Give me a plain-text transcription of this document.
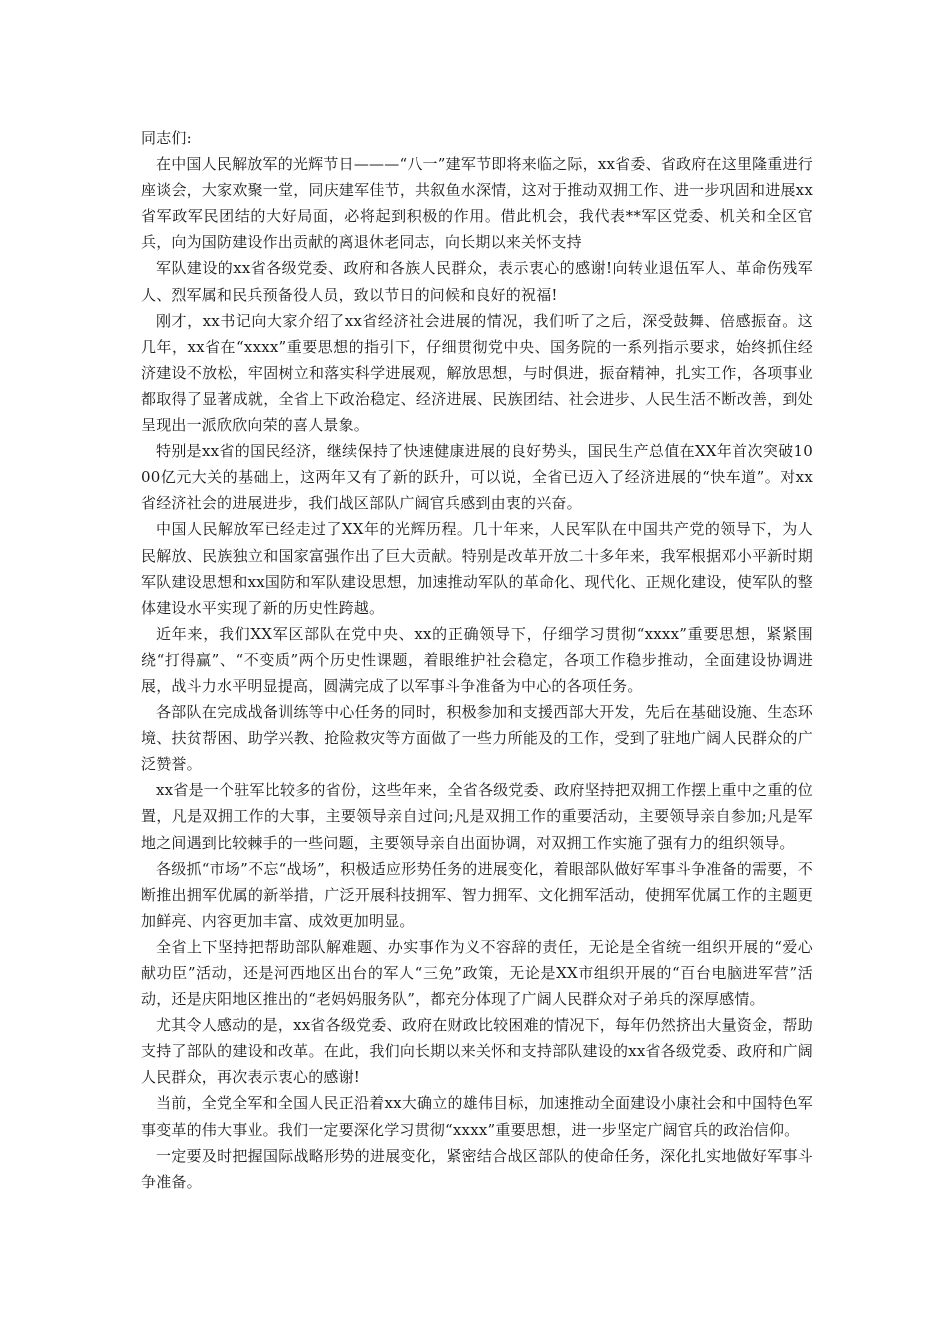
同志们:

在中国人民解放军的光辉节日———“八一”建军节即将来临之际，xx省委、省政府在这里隆重进行座谈会，大家欢聚一堂，同庆建军佳节，共叙鱼水深情，这对于推动双拥工作、进一步巩固和进展xx省军政军民团结的大好局面，必将起到积极的作用。借此机会，我代表**军区党委、机关和全区官兵，向为国防建设作出贡献的离退休老同志，向长期以来关怀支持

军队建设的xx省各级党委、政府和各族人民群众，表示衷心的感谢!向转业退伍军人、革命伤残军人、烈军属和民兵预备役人员，致以节日的问候和良好的祝福!

刚才，xx书记向大家介绍了xx省经济社会进展的情况，我们听了之后，深受鼓舞、倍感振奋。这几年，xx省在“xxxx”重要思想的指引下，仔细贯彻党中央、国务院的一系列指示要求，始终抓住经济建设不放松，牢固树立和落实科学进展观，解放思想，与时俱进，振奋精神，扎实工作，各项事业都取得了显著成就，全省上下政治稳定、经济进展、民族团结、社会进步、人民生活不断改善，到处呈现出一派欣欣向荣的喜人景象。

特别是xx省的国民经济，继续保持了快速健康进展的良好势头，国民生产总值在XX年首次突破1000亿元大关的基础上，这两年又有了新的跃升，可以说，全省已迈入了经济进展的“快车道”。对xx省经济社会的进展进步，我们战区部队广阔官兵感到由衷的兴奋。

中国人民解放军已经走过了XX年的光辉历程。几十年来，人民军队在中国共产党的领导下，为人民解放、民族独立和国家富强作出了巨大贡献。特别是改革开放二十多年来，我军根据邓小平新时期军队建设思想和xx国防和军队建设思想，加速推动军队的革命化、现代化、正规化建设，使军队的整体建设水平实现了新的历史性跨越。

近年来，我们XX军区部队在党中央、xx的正确领导下，仔细学习贯彻“xxxx”重要思想，紧紧围绕“打得赢”、“不变质”两个历史性课题，着眼维护社会稳定，各项工作稳步推动，全面建设协调进展，战斗力水平明显提高，圆满完成了以军事斗争准备为中心的各项任务。

各部队在完成战备训练等中心任务的同时，积极参加和支援西部大开发，先后在基础设施、生态环境、扶贫帮困、助学兴教、抢险救灾等方面做了一些力所能及的工作，受到了驻地广阔人民群众的广泛赞誉。

xx省是一个驻军比较多的省份，这些年来，全省各级党委、政府坚持把双拥工作摆上重中之重的位置，凡是双拥工作的大事，主要领导亲自过问;凡是双拥工作的重要活动，主要领导亲自参加;凡是军地之间遇到比较棘手的一些问题，主要领导亲自出面协调，对双拥工作实施了强有力的组织领导。

各级抓“市场”不忘“战场”，积极适应形势任务的进展变化，着眼部队做好军事斗争准备的需要，不断推出拥军优属的新举措，广泛开展科技拥军、智力拥军、文化拥军活动，使拥军优属工作的主题更加鲜亮、内容更加丰富、成效更加明显。

全省上下坚持把帮助部队解难题、办实事作为义不容辞的责任，无论是全省统一组织开展的“爱心献功臣”活动，还是河西地区出台的军人“三免”政策，无论是XX市组织开展的“百台电脑进军营”活动，还是庆阳地区推出的“老妈妈服务队”，都充分体现了广阔人民群众对子弟兵的深厚感情。

尤其令人感动的是，xx省各级党委、政府在财政比较困难的情况下，每年仍然挤出大量资金，帮助支持了部队的建设和改革。在此，我们向长期以来关怀和支持部队建设的xx省各级党委、政府和广阔人民群众，再次表示衷心的感谢!

当前，全党全军和全国人民正沿着xx大确立的雄伟目标，加速推动全面建设小康社会和中国特色军事变革的伟大事业。我们一定要深化学习贯彻“xxxx”重要思想，进一步坚定广阔官兵的政治信仰。

一定要及时把握国际战略形势的进展变化，紧密结合战区部队的使命任务，深化扎实地做好军事斗争准备。
